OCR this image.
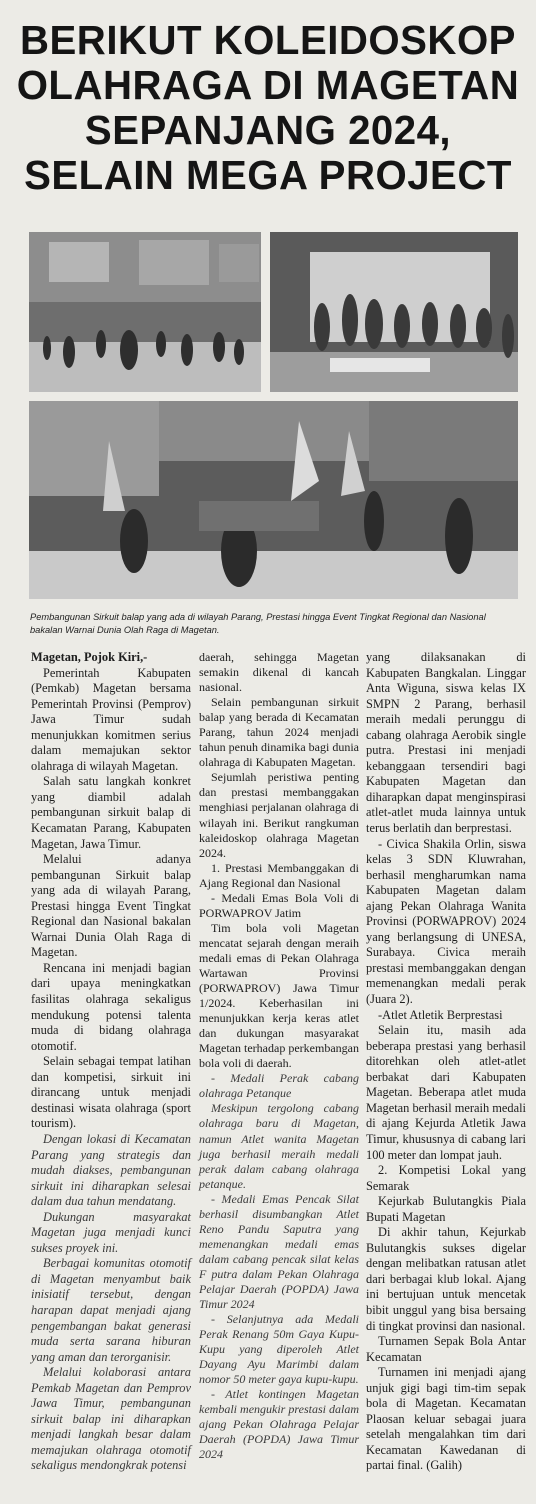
BERIKUT KOLEIDOSKOP
OLAHRAGA DI MAGETAN
SEPANJANG 2024,
SELAIN MEGA PROJECT
Pembangunan Sirkuit balap yang ada di wilayah Parang, Prestasi hingga Event Tingkat Regional dan Nasional bakalan Warnai Dunia Olah Raga di Magetan.

Magetan, Pojok Kiri,-

Pemerintah Kabupaten (Pemkab) Magetan bersama Pemerintah Provinsi (Pemprov) Jawa Timur sudah menunjukkan komitmen serius dalam memajukan sektor olahraga di wilayah Magetan.

Salah satu langkah konkret yang diambil adalah pembangunan sirkuit balap di Kecamatan Parang, Kabupaten Magetan, Jawa Timur.

Melalui adanya pembangunan Sirkuit balap yang ada di wilayah Parang, Prestasi hingga Event Tingkat Regional dan Nasional bakalan Warnai Dunia Olah Raga di Magetan.

Rencana ini menjadi bagian dari upaya meningkatkan fasilitas olahraga sekaligus mendukung potensi talenta muda di bidang olahraga otomotif.

Selain sebagai tempat latihan dan kompetisi, sirkuit ini dirancang untuk menjadi destinasi wisata olahraga (sport tourism).

Dengan lokasi di Kecamatan Parang yang strategis dan mudah diakses, pembangunan sirkuit ini diharapkan selesai dalam dua tahun mendatang.

Dukungan masyarakat Magetan juga menjadi kunci sukses proyek ini.

Berbagai komunitas otomotif di Magetan menyambut baik inisiatif tersebut, dengan harapan dapat menjadi ajang pengembangan bakat generasi muda serta sarana hiburan yang aman dan terorganisir.

Melalui kolaborasi antara Pemkab Magetan dan Pemprov Jawa Timur, pembangunan sirkuit balap ini diharapkan menjadi langkah besar dalam memajukan olahraga otomotif sekaligus mendongkrak potensi

daerah, sehingga Magetan semakin dikenal di kancah nasional.

Selain pembangunan sirkuit balap yang berada di Kecamatan Parang, tahun 2024 menjadi tahun penuh dinamika bagi dunia olahraga di Kabupaten Magetan.

Sejumlah peristiwa penting dan prestasi membanggakan menghiasi perjalanan olahraga di wilayah ini. Berikut rangkuman kaleidoskop olahraga Magetan 2024.

1. Prestasi Membanggakan di Ajang Regional dan Nasional

- Medali Emas Bola Voli di PORWAPROV Jatim

Tim bola voli Magetan mencatat sejarah dengan meraih medali emas di Pekan Olahraga Wartawan Provinsi (PORWAPROV) Jawa Timur 1/2024. Keberhasilan ini menunjukkan kerja keras atlet dan dukungan masyarakat Magetan terhadap perkembangan bola voli di daerah.

- Medali Perak cabang olahraga Petanque

Meskipun tergolong cabang olahraga baru di Magetan, namun Atlet wanita Magetan juga berhasil meraih medali perak dalam cabang olahraga petanque.

- Medali Emas Pencak Silat berhasil disumbangkan Atlet Reno Pandu Saputra yang memenangkan medali emas dalam cabang pencak silat kelas F putra dalam Pekan Olahraga Pelajar Daerah (POPDA) Jawa Timur 2024

- Selanjutnya ada Medali Perak Renang 50m Gaya Kupu-Kupu yang diperoleh Atlet Dayang Ayu Marimbi dalam nomor 50 meter gaya kupu-kupu.

- Atlet kontingen Magetan kembali mengukir prestasi dalam ajang Pekan Olahraga Pelajar Daerah (POPDA) Jawa Timur 2024

yang dilaksanakan di Kabupaten Bangkalan. Linggar Anta Wiguna, siswa kelas IX SMPN 2 Parang, berhasil meraih medali perunggu di cabang olahraga Aerobik single putra. Prestasi ini menjadi kebanggaan tersendiri bagi Kabupaten Magetan dan diharapkan dapat menginspirasi atlet-atlet muda lainnya untuk terus berlatih dan berprestasi.

- Civica Shakila Orlin, siswa kelas 3 SDN Kluwrahan, berhasil mengharumkan nama Kabupaten Magetan dalam ajang Pekan Olahraga Wanita Provinsi (PORWAPROV) 2024 yang berlangsung di UNESA, Surabaya. Civica meraih prestasi membanggakan dengan memenangkan medali perak (Juara 2).

-Atlet Atletik Berprestasi

Selain itu, masih ada beberapa prestasi yang berhasil ditorehkan oleh atlet-atlet berbakat dari Kabupaten Magetan. Beberapa atlet muda Magetan berhasil meraih medali di ajang Kejurda Atletik Jawa Timur, khususnya di cabang lari 100 meter dan lompat jauh.

2. Kompetisi Lokal yang Semarak

Kejurkab Bulutangkis Piala Bupati Magetan

Di akhir tahun, Kejurkab Bulutangkis sukses digelar dengan melibatkan ratusan atlet dari berbagai klub lokal. Ajang ini bertujuan untuk mencetak bibit unggul yang bisa bersaing di tingkat provinsi dan nasional.

Turnamen Sepak Bola Antar Kecamatan

Turnamen ini menjadi ajang unjuk gigi bagi tim-tim sepak bola di Magetan. Kecamatan Plaosan keluar sebagai juara setelah mengalahkan tim dari Kecamatan Kawedanan di partai final. (Galih)
